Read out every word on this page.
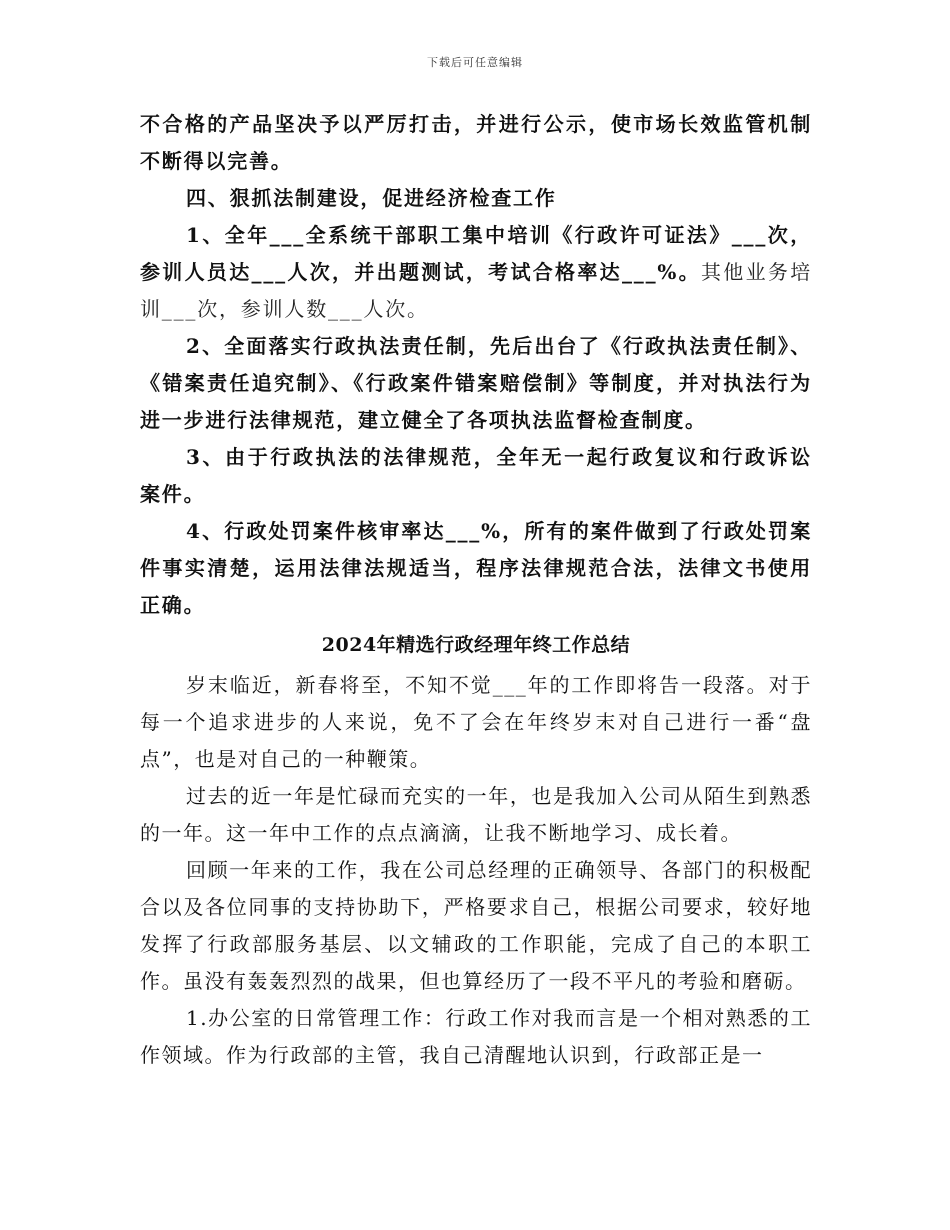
下载后可任意编辑

不合格的产品坚决予以严厉打击，并进行公示，使市场长效监管机制不断得以完善。

四、狠抓法制建设，促进经济检查工作

1、全年___全系统干部职工集中培训《行政许可证法》___次，参训人员达___人次，并出题测试，考试合格率达___%。其他业务培训___次，参训人数___人次。

2、全面落实行政执法责任制，先后出台了《行政执法责任制》、《错案责任追究制》、《行政案件错案赔偿制》等制度，并对执法行为进一步进行法律规范，建立健全了各项执法监督检查制度。

3、由于行政执法的法律规范，全年无一起行政复议和行政诉讼案件。

4、行政处罚案件核审率达___%，所有的案件做到了行政处罚案件事实清楚，运用法律法规适当，程序法律规范合法，法律文书使用正确。

2024年精选行政经理年终工作总结

岁末临近，新春将至，不知不觉___年的工作即将告一段落。对于每一个追求进步的人来说，免不了会在年终岁末对自己进行一番“盘点”，也是对自己的一种鞭策。

过去的近一年是忙碌而充实的一年，也是我加入公司从陌生到熟悉的一年。这一年中工作的点点滴滴，让我不断地学习、成长着。

回顾一年来的工作，我在公司总经理的正确领导、各部门的积极配合以及各位同事的支持协助下，严格要求自己，根据公司要求，较好地发挥了行政部服务基层、以文辅政的工作职能，完成了自己的本职工作。虽没有轰轰烈烈的战果，但也算经历了一段不平凡的考验和磨砺。

1.办公室的日常管理工作：行政工作对我而言是一个相对熟悉的工作领域。作为行政部的主管，我自己清醒地认识到，行政部正是一
